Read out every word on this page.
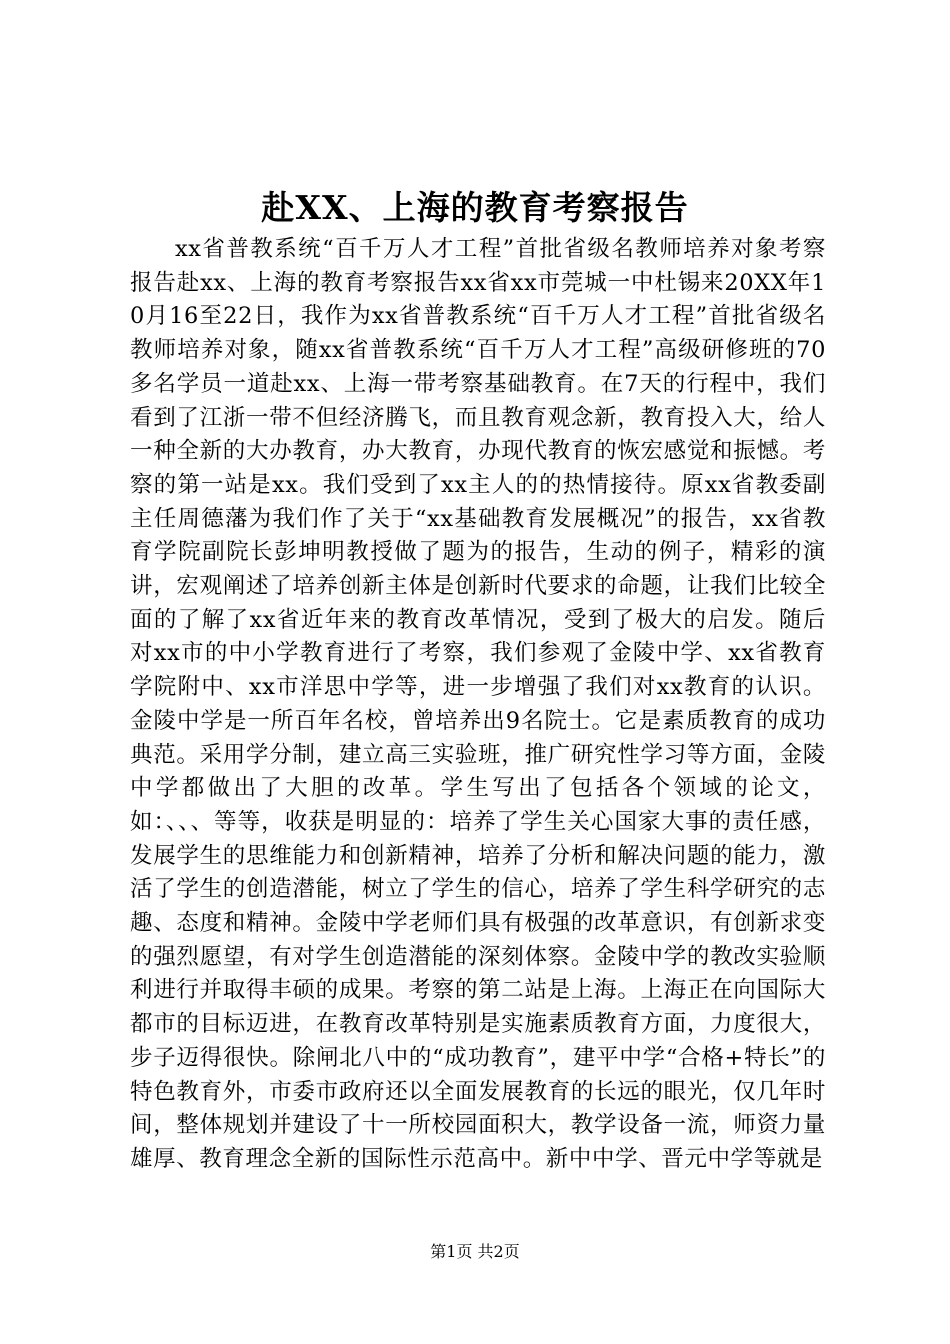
赴XX、上海的教育考察报告

xx省普教系统“百千万人才工程”首批省级名教师培养对象考察报告赴xx、上海的教育考察报告xx省xx市莞城一中杜锡来20XX年10月16至22日，我作为xx省普教系统“百千万人才工程”首批省级名教师培养对象，随xx省普教系统“百千万人才工程”高级研修班的70多名学员一道赴xx、上海一带考察基础教育。在7天的行程中，我们看到了江浙一带不但经济腾飞，而且教育观念新，教育投入大，给人一种全新的大办教育，办大教育，办现代教育的恢宏感觉和振憾。考察的第一站是xx。我们受到了xx主人的的热情接待。原xx省教委副主任周德藩为我们作了关于“xx基础教育发展概况”的报告，xx省教育学院副院长彭坤明教授做了题为的报告，生动的例子，精彩的演讲，宏观阐述了培养创新主体是创新时代要求的命题，让我们比较全面的了解了xx省近年来的教育改革情况，受到了极大的启发。随后对xx市的中小学教育进行了考察，我们参观了金陵中学、xx省教育学院附中、xx市洋思中学等，进一步增强了我们对xx教育的认识。金陵中学是一所百年名校，曾培养出9名院士。它是素质教育的成功典范。采用学分制，建立高三实验班，推广研究性学习等方面，金陵中学都做出了大胆的改革。学生写出了包括各个领域的论文，如：、、、等等，收获是明显的：培养了学生关心国家大事的责任感，发展学生的思维能力和创新精神，培养了分析和解决问题的能力，激活了学生的创造潜能，树立了学生的信心，培养了学生科学研究的志趣、态度和精神。金陵中学老师们具有极强的改革意识，有创新求变的强烈愿望，有对学生创造潜能的深刻体察。金陵中学的教改实验顺利进行并取得丰硕的成果。考察的第二站是上海。上海正在向国际大都市的目标迈进，在教育改革特别是实施素质教育方面，力度很大，步子迈得很快。除闸北八中的“成功教育”，建平中学“合格+特长”的特色教育外，市委市政府还以全面发展教育的长远的眼光，仅几年时间，整体规划并建设了十一所校园面积大，教学设备一流，师资力量雄厚、教育理念全新的国际性示范高中。新中中学、晋元中学等就是

第1页 共2页
